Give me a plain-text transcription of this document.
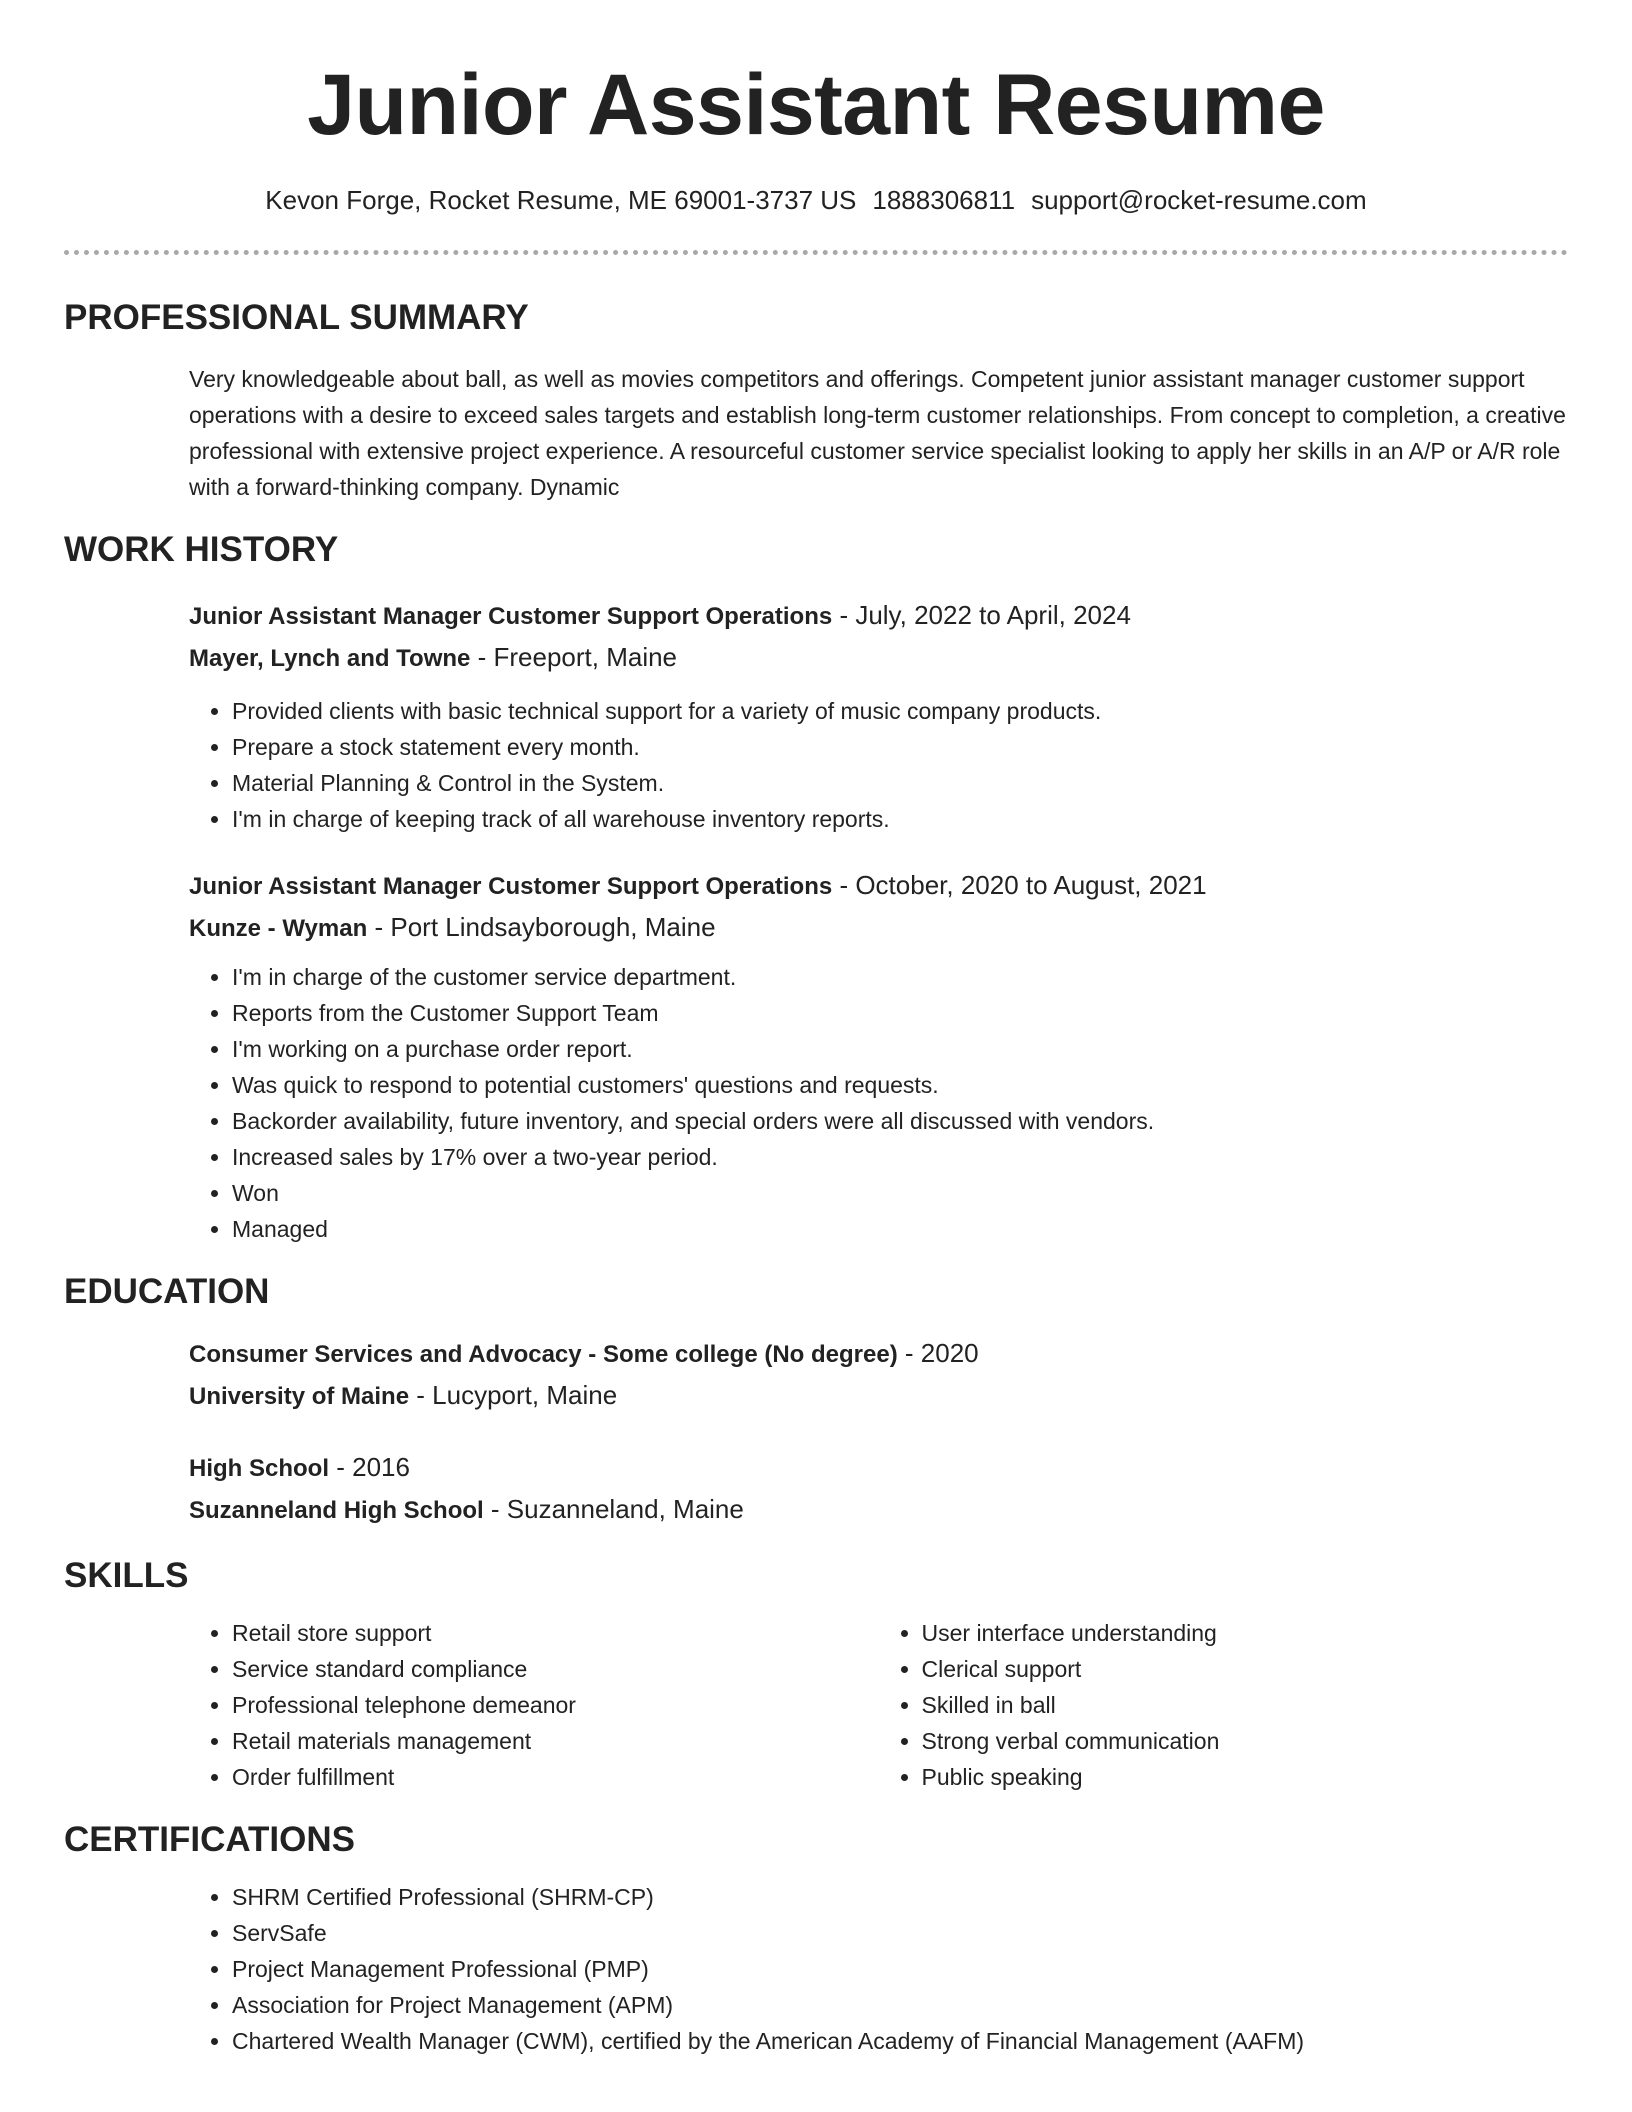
Junior Assistant Resume
Kevon Forge, Rocket Resume, ME 69001-3737 US 1888306811 support@rocket-resume.com
PROFESSIONAL SUMMARY

Very knowledgeable about ball, as well as movies competitors and offerings. Competent junior assistant manager customer support operations with a desire to exceed sales targets and establish long-term customer relationships. From concept to completion, a creative professional with extensive project experience. A resourceful customer service specialist looking to apply her skills in an A/P or A/R role with a forward-thinking company. Dynamic

WORK HISTORY

Junior Assistant Manager Customer Support Operations - July, 2022 to April, 2024

Mayer, Lynch and Towne - Freeport, Maine

• Provided clients with basic technical support for a variety of music company products.
• Prepare a stock statement every month.
• Material Planning & Control in the System.
• I'm in charge of keeping track of all warehouse inventory reports.

Junior Assistant Manager Customer Support Operations - October, 2020 to August, 2021

Kunze - Wyman - Port Lindsayborough, Maine

• I'm in charge of the customer service department.
• Reports from the Customer Support Team
• I'm working on a purchase order report.
• Was quick to respond to potential customers' questions and requests.
• Backorder availability, future inventory, and special orders were all discussed with vendors.
• Increased sales by 17% over a two-year period.
• Won
• Managed
EDUCATION

Consumer Services and Advocacy - Some college (No degree) - 2020

University of Maine - Lucyport, Maine

High School - 2016

Suzanneland High School - Suzanneland, Maine

SKILLS
• Retail store support
• Service standard compliance
• Professional telephone demeanor
• Retail materials management
• Order fulfillment
• User interface understanding
• Clerical support
• Skilled in ball
• Strong verbal communication
• Public speaking
CERTIFICATIONS
• SHRM Certified Professional (SHRM-CP)
• ServSafe
• Project Management Professional (PMP)
• Association for Project Management (APM)
• Chartered Wealth Manager (CWM), certified by the American Academy of Financial Management (AAFM)
